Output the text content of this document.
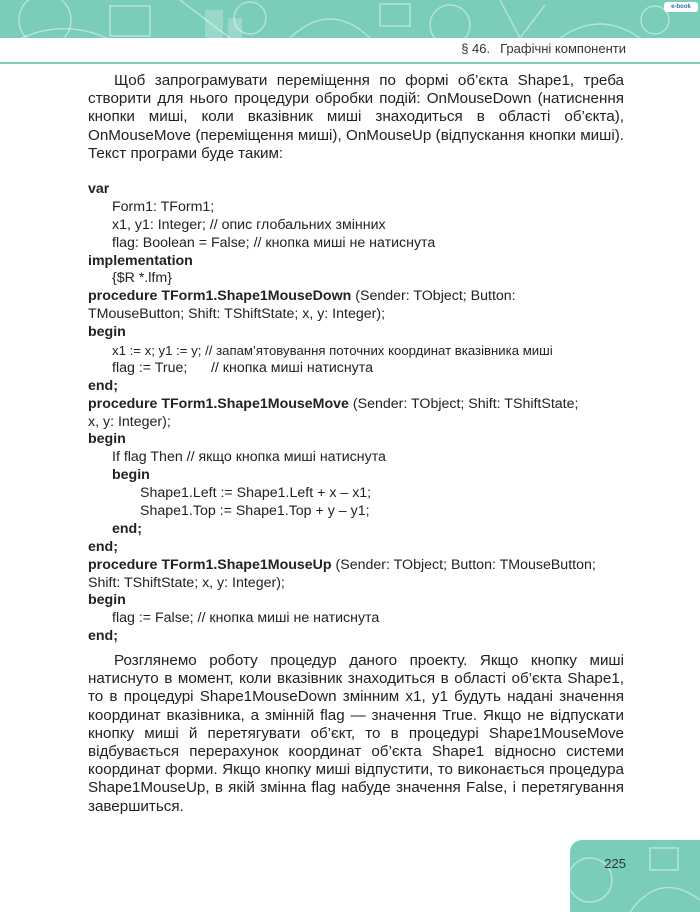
§ 46. Графічні компоненти
e-book
Щоб запрограмувати переміщення по формі об’єкта Shape1, треба створити для нього процедури обробки подій: OnMouseDown (натиснення кнопки миші, коли вказівник миші знаходиться в області об’єкта), OnMouseMove (переміщення миші), OnMouseUp (відпускання кнопки миші). Текст програми буде таким:
var
Form1: TForm1;
x1, y1: Integer; // опис глобальних змінних
flag: Boolean = False; // кнопка миші не натиснута
implementation
{$R *.lfm}
procedure TForm1.Shape1MouseDown (Sender: TObject; Button:
TMouseButton; Shift: TShiftState; x, y: Integer);
begin
x1 := x; y1 := y; // запам’ятовування поточних координат вказівника миші
flag := True;      // кнопка миші натиснута
end;
procedure TForm1.Shape1MouseMove (Sender: TObject; Shift: TShiftState;
x, y: Integer);
begin
If flag Then // якщо кнопка миші натиснута
begin
Shape1.Left := Shape1.Left + x – x1;
Shape1.Top := Shape1.Top + y – y1;
end;
end;
procedure TForm1.Shape1MouseUp (Sender: TObject; Button: TMouseButton;
Shift: TShiftState; x, y: Integer);
begin
flag := False; // кнопка миші не натиснута
end;
Розглянемо роботу процедур даного проекту. Якщо кнопку миші натиснуто в момент, коли вказівник знаходиться в області об’єкта Shape1, то в процедурі Shape1MouseDown змінним x1, y1 будуть надані значення координат вказівника, а змінній flag — значення True. Якщо не відпускати кнопку миші й перетягувати об’єкт, то в процедурі Shape1MouseMove відбувається перерахунок координат об’єкта Shape1 відносно системи координат форми. Якщо кнопку миші відпустити, то виконається процедура Shape1MouseUp, в якій змінна flag набуде значення False, і перетягування завершиться.
225
